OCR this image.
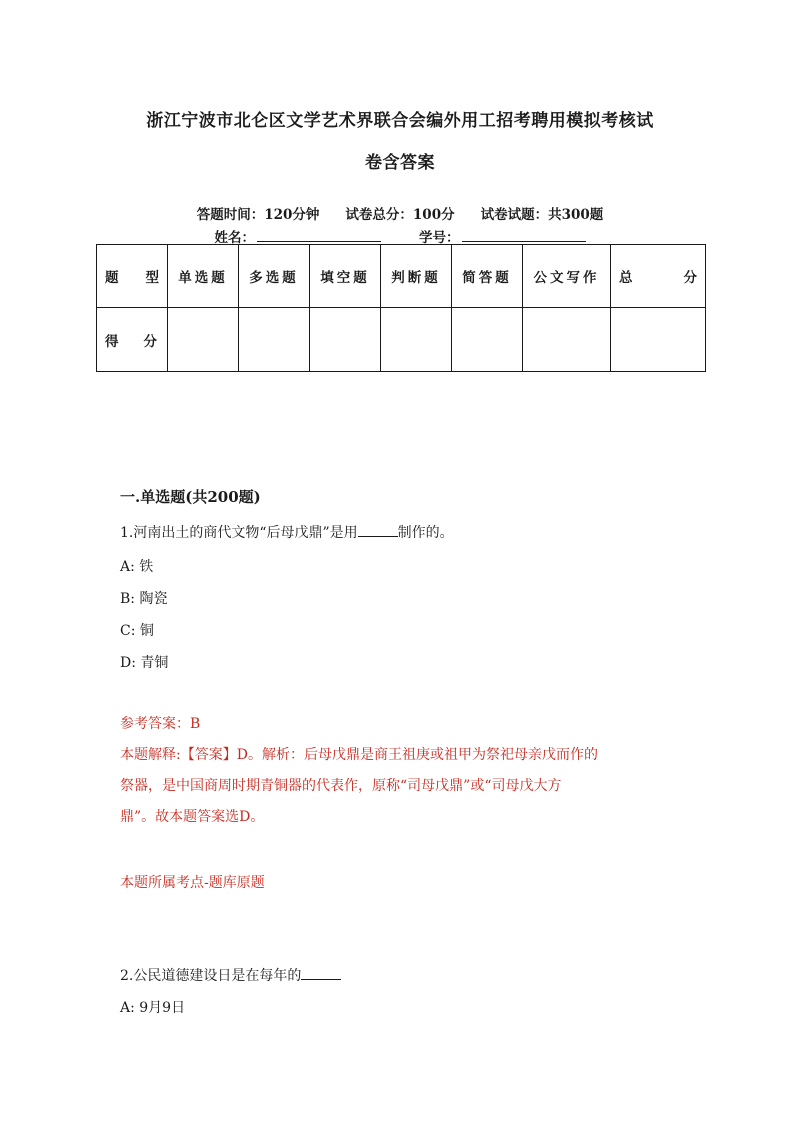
浙江宁波市北仑区文学艺术界联合会编外用工招考聘用模拟考核试
卷含答案
答题时间：120分钟 试卷总分：100分 试卷试题：共300题
姓名：	学号：
题 型	单选题	多选题	填空题	判断题	简答题	公文写作	总 分

得 分							

一.单选题(共200题)
1.河南出土的商代文物“后母戊鼎”是用	制作的。
A: 铁
B: 陶瓷
C: 铜
D: 青铜
参考答案：B
本题解释:【答案】D。解析：后母戊鼎是商王祖庚或祖甲为祭祀母亲戊而作的
祭器，是中国商周时期青铜器的代表作，原称“司母戊鼎”或“司母戊大方
鼎”。故本题答案选D。
本题所属考点-题库原题
2.公民道德建设日是在每年的
A: 9月9日
